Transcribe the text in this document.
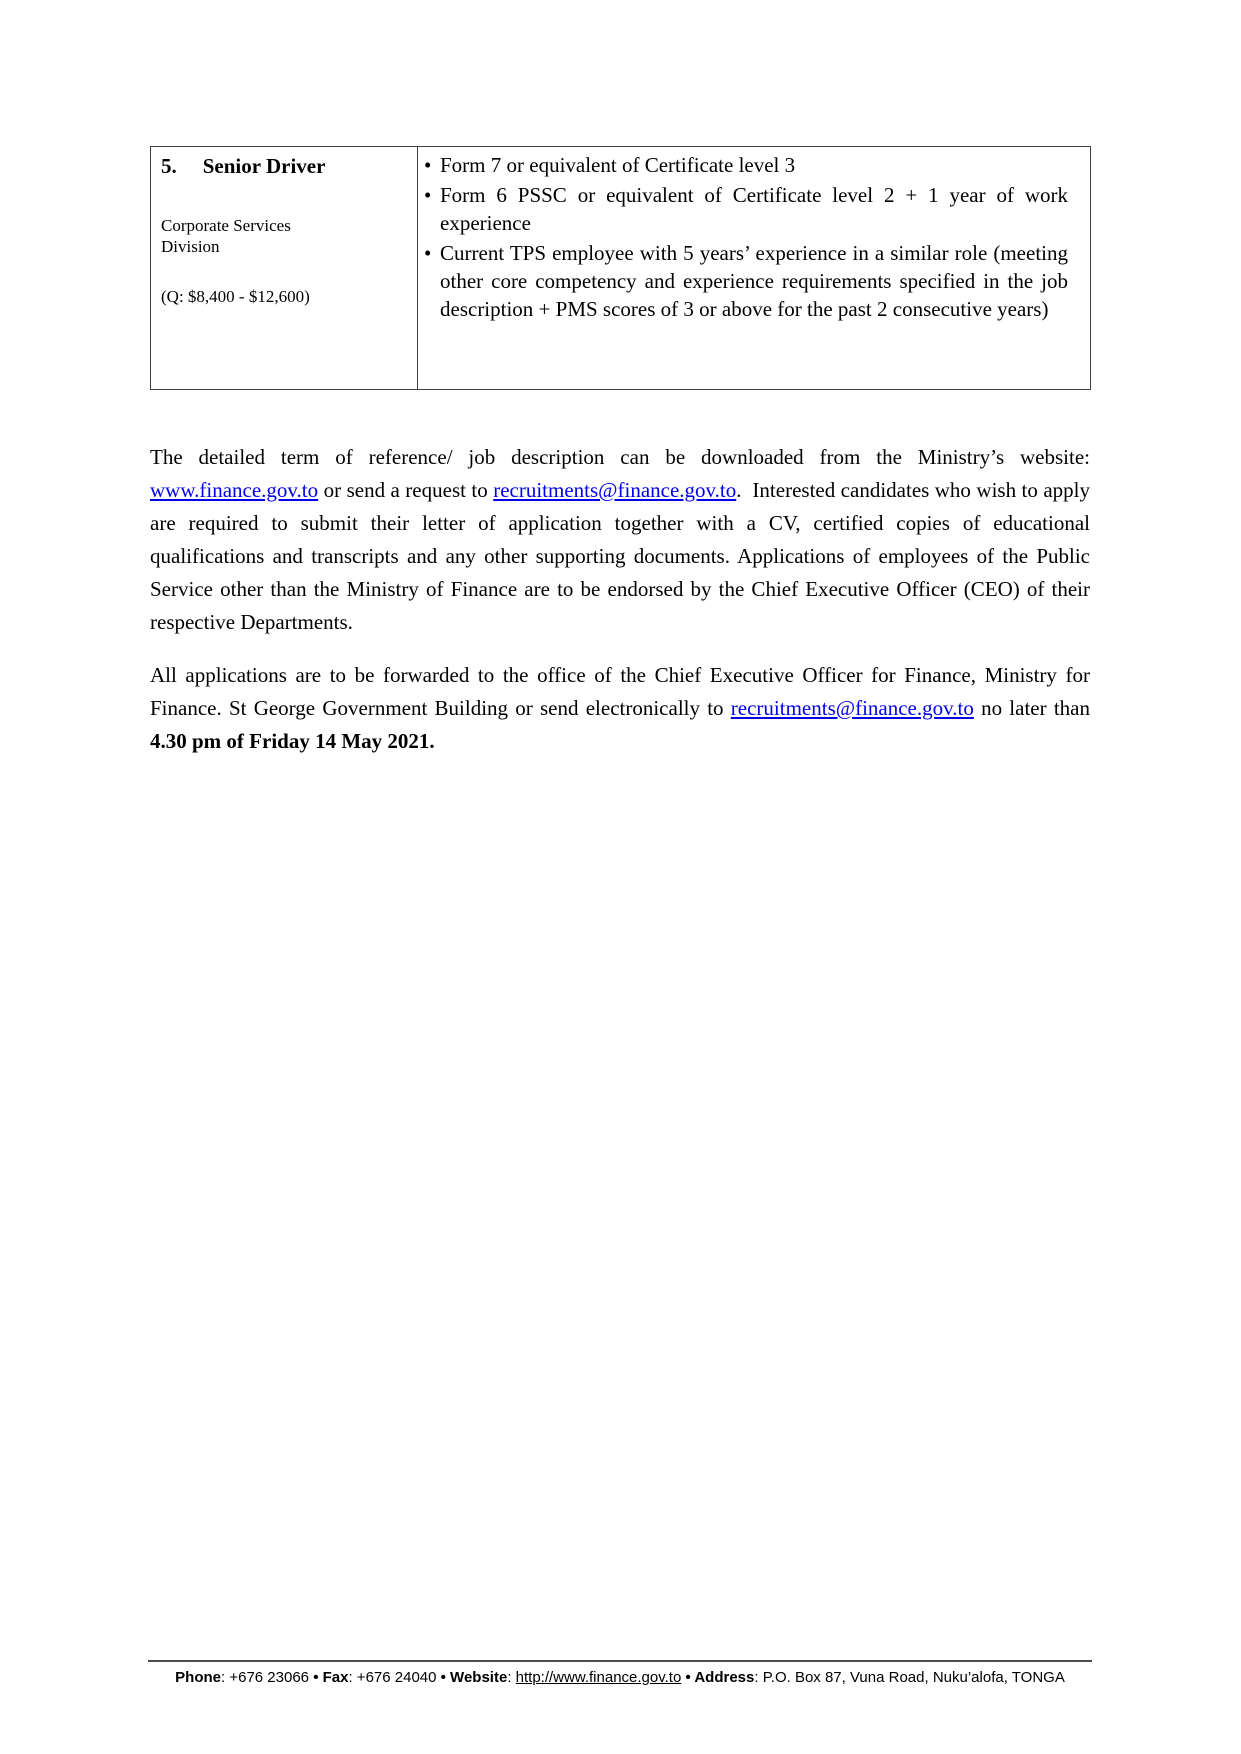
5. Senior Driver
Corporate Services Division
(Q: $8,400 - $12,600)

• Form 7 or equivalent of Certificate level 3
• Form 6 PSSC or equivalent of Certificate level 2 + 1 year of work experience
• Current TPS employee with 5 years’ experience in a similar role (meeting other core competency and experience requirements specified in the job description + PMS scores of 3 or above for the past 2 consecutive years)

The detailed term of reference/ job description can be downloaded from the Ministry’s website: www.finance.gov.to or send a request to recruitments@finance.gov.to.  Interested candidates who wish to apply are required to submit their letter of application together with a CV, certified copies of educational qualifications and transcripts and any other supporting documents. Applications of employees of the Public Service other than the Ministry of Finance are to be endorsed by the Chief Executive Officer (CEO) of their respective Departments.

All applications are to be forwarded to the office of the Chief Executive Officer for Finance, Ministry for Finance. St George Government Building or send electronically to recruitments@finance.gov.to no later than 4.30 pm of Friday 14 May 2021.

Phone: +676 23066 • Fax: +676 24040 • Website: http://www.finance.gov.to • Address: P.O. Box 87, Vuna Road, Nuku’alofa, TONGA
